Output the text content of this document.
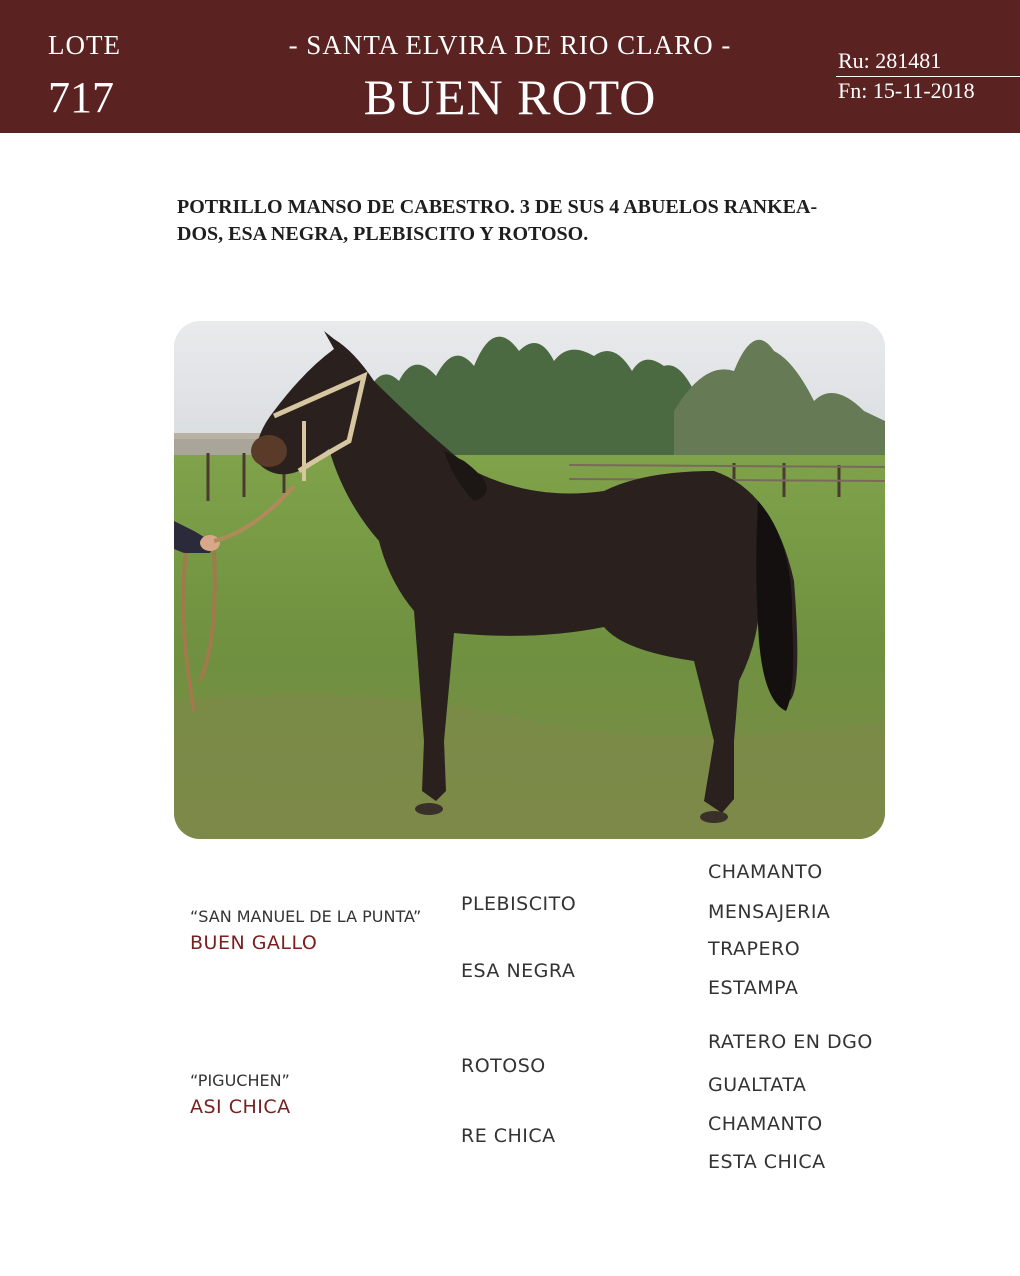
LOTE
717
- SANTA ELVIRA DE RIO CLARO -
BUEN ROTO
Ru: 281481
Fn: 15-11-2018
POTRILLO MANSO DE CABESTRO. 3 DE SUS 4 ABUELOS RANKEA-
DOS, ESA NEGRA, PLEBISCITO Y ROTOSO.
“SAN MANUEL DE LA PUNTA”
BUEN GALLO
PLEBISCITO
ESA NEGRA
CHAMANTO
MENSAJERIA
TRAPERO
ESTAMPA
“PIGUCHEN”
ASI CHICA
ROTOSO
RE CHICA
RATERO EN DGO
GUALTATA
CHAMANTO
ESTA CHICA
